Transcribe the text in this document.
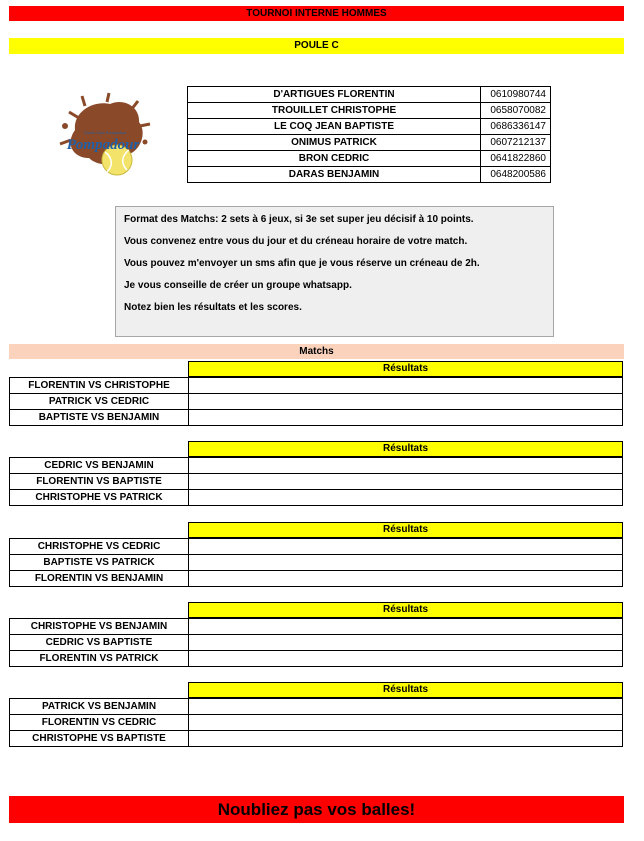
TOURNOI INTERNE HOMMES
POULE C
Tennis Club Pompadour
Pompadour
D'ARTIGUES FLORENTIN	0610980744
TROUILLET CHRISTOPHE	0658070082
LE COQ JEAN BAPTISTE	0686336147
ONIMUS PATRICK	0607212137
BRON CEDRIC	0641822860
DARAS BENJAMIN	0648200586

Format des Matchs: 2 sets à 6 jeux, si 3e set super jeu décisif à 10 points.

Vous convenez entre vous du jour et du créneau horaire de votre match.

Vous pouvez m'envoyer un sms afin que je vous réserve un créneau de 2h.

Je vous conseille de créer un groupe whatsapp.

Notez bien les résultats et les scores.

Matchs
Résultats
FLORENTIN VS CHRISTOPHE	
PATRICK VS CEDRIC	
BAPTISTE VS BENJAMIN	
Résultats
CEDRIC VS BENJAMIN	
FLORENTIN VS BAPTISTE	
CHRISTOPHE VS PATRICK	
Résultats
CHRISTOPHE VS CEDRIC	
BAPTISTE VS PATRICK	
FLORENTIN VS BENJAMIN	
Résultats
CHRISTOPHE VS BENJAMIN	
CEDRIC VS BAPTISTE	
FLORENTIN VS PATRICK	
Résultats
PATRICK VS BENJAMIN	
FLORENTIN VS CEDRIC	
CHRISTOPHE VS BAPTISTE	
Noubliez pas vos balles!
